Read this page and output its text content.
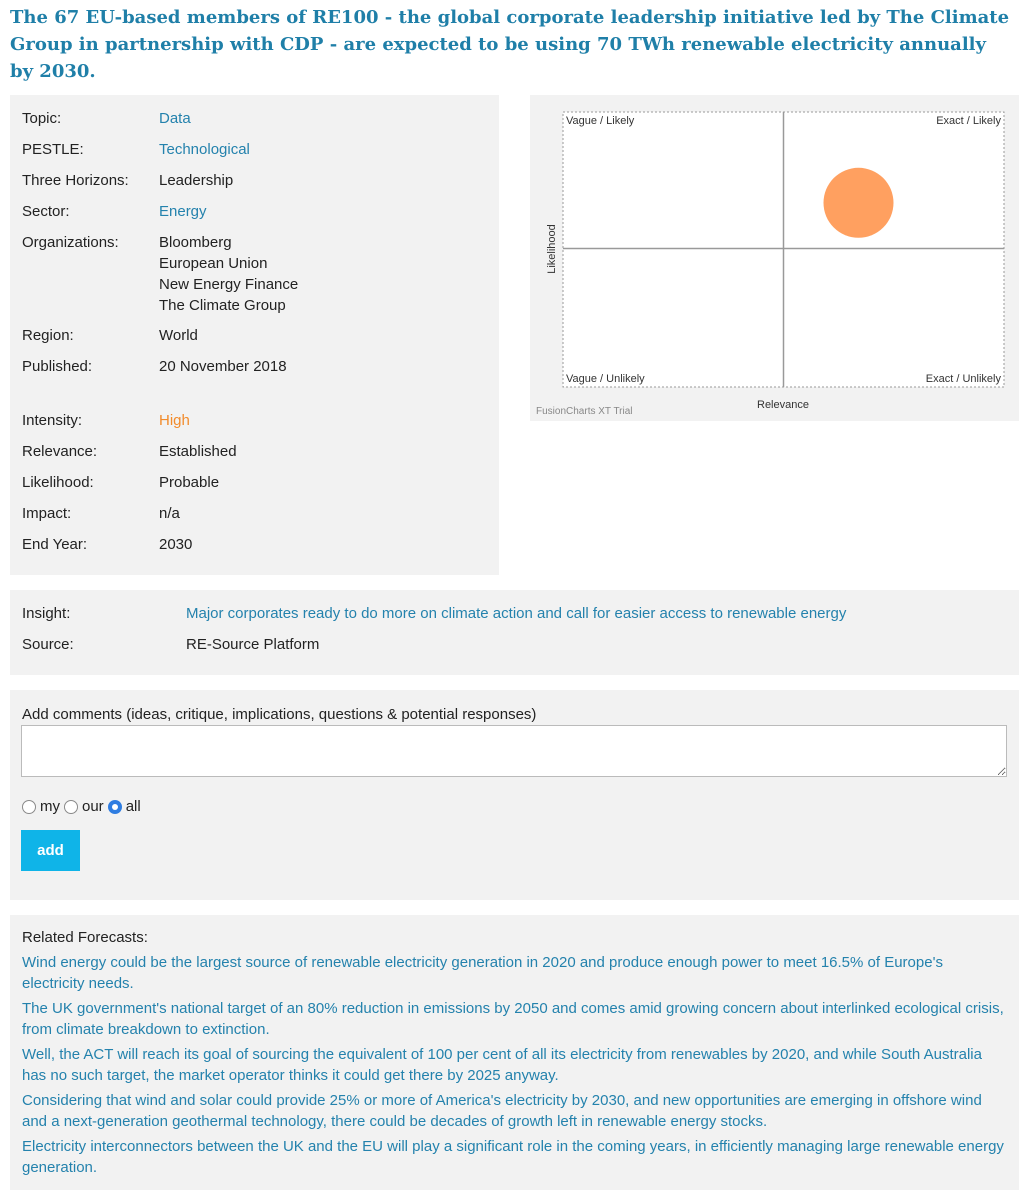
The 67 EU-based members of RE100 - the global corporate leadership initiative led by The Climate Group in partnership with CDP - are expected to be using 70 TWh renewable electricity annually by 2030.
Topic:	Data
PESTLE:	Technological
Three Horizons:	Leadership
Sector:	Energy
Organizations:	Bloomberg
European Union
New Energy Finance
The Climate Group
Region:	World
Published:	20 November 2018
Intensity:	High
Relevance:	Established
Likelihood:	Probable
Impact:	n/a
End Year:	2030
Vague / Likely	Exact / Likely
Vague / Unlikely	Exact / Unlikely
Relevance
Likelihood
FusionCharts XT Trial
Insight:	Major corporates ready to do more on climate action and call for easier access to renewable energy
Source:	RE-Source Platform
Add comments (ideas, critique, implications, questions & potential responses)
my our all
add
Related Forecasts:
Wind energy could be the largest source of renewable electricity generation in 2020 and produce enough power to meet 16.5% of Europe's electricity needs.
The UK government's national target of an 80% reduction in emissions by 2050 and comes amid growing concern about interlinked ecological crisis, from climate breakdown to extinction.
Well, the ACT will reach its goal of sourcing the equivalent of 100 per cent of all its electricity from renewables by 2020, and while South Australia has no such target, the market operator thinks it could get there by 2025 anyway.
Considering that wind and solar could provide 25% or more of America's electricity by 2030, and new opportunities are emerging in offshore wind and a next-generation geothermal technology, there could be decades of growth left in renewable energy stocks.
Electricity interconnectors between the UK and the EU will play a significant role in the coming years, in efficiently managing large renewable energy generation.
